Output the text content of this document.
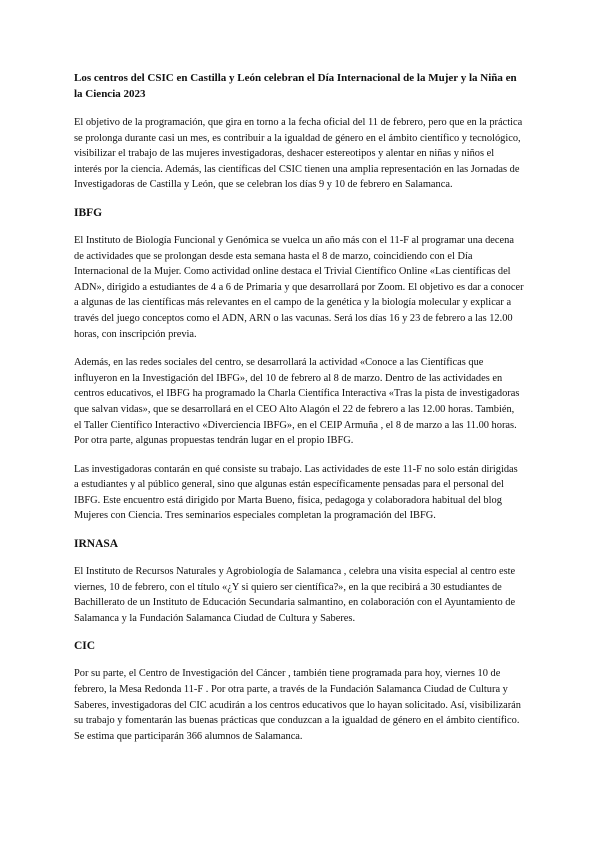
Los centros del CSIC en Castilla y León celebran el Día Internacional de la Mujer y la Niña en la Ciencia 2023

El objetivo de la programación, que gira en torno a la fecha oficial del 11 de febrero, pero que en la práctica se prolonga durante casi un mes, es contribuir a la igualdad de género en el ámbito científico y tecnológico, visibilizar el trabajo de las mujeres investigadoras, deshacer estereotipos y alentar en niñas y niños el interés por la ciencia. Además, las científicas del CSIC tienen una amplia representación en las Jornadas de Investigadoras de Castilla y León, que se celebran los días 9 y 10 de febrero en Salamanca.

IBFG

El Instituto de Biología Funcional y Genómica se vuelca un año más con el 11-F al programar una decena de actividades que se prolongan desde esta semana hasta el 8 de marzo, coincidiendo con el Día Internacional de la Mujer. Como actividad online destaca el Trivial Científico Online «Las científicas del ADN», dirigido a estudiantes de 4 a 6 de Primaria y que desarrollará por Zoom. El objetivo es dar a conocer a algunas de las científicas más relevantes en el campo de la genética y la biología molecular y explicar a través del juego conceptos como el ADN, ARN o las vacunas. Será los días 16 y 23 de febrero a las 12.00 horas, con inscripción previa.

Además, en las redes sociales del centro, se desarrollará la actividad «Conoce a las Científicas que influyeron en la Investigación del IBFG», del 10 de febrero al 8 de marzo. Dentro de las actividades en centros educativos, el IBFG ha programado la Charla Científica Interactiva «Tras la pista de investigadoras que salvan vidas», que se desarrollará en el CEO Alto Alagón el 22 de febrero a las 12.00 horas. También, el Taller Científico Interactivo «Diverciencia IBFG», en el CEIP Armuña , el 8 de marzo a las 11.00 horas. Por otra parte, algunas propuestas tendrán lugar en el propio IBFG.

Las investigadoras contarán en qué consiste su trabajo. Las actividades de este 11-F no solo están dirigidas a estudiantes y al público general, sino que algunas están específicamente pensadas para el personal del IBFG. Este encuentro está dirigido por Marta Bueno, física, pedagoga y colaboradora habitual del blog Mujeres con Ciencia. Tres seminarios especiales completan la programación del IBFG.

IRNASA

El Instituto de Recursos Naturales y Agrobiología de Salamanca , celebra una visita especial al centro este viernes, 10 de febrero, con el título «¿Y si quiero ser científica?», en la que recibirá a 30 estudiantes de Bachillerato de un Instituto de Educación Secundaria salmantino, en colaboración con el Ayuntamiento de Salamanca y la Fundación Salamanca Ciudad de Cultura y Saberes.

CIC

Por su parte, el Centro de Investigación del Cáncer , también tiene programada para hoy, viernes 10 de febrero, la Mesa Redonda 11-F . Por otra parte, a través de la Fundación Salamanca Ciudad de Cultura y Saberes, investigadoras del CIC acudirán a los centros educativos que lo hayan solicitado. Así, visibilizarán su trabajo y fomentarán las buenas prácticas que conduzcan a la igualdad de género en el ámbito científico. Se estima que participarán 366 alumnos de Salamanca.
